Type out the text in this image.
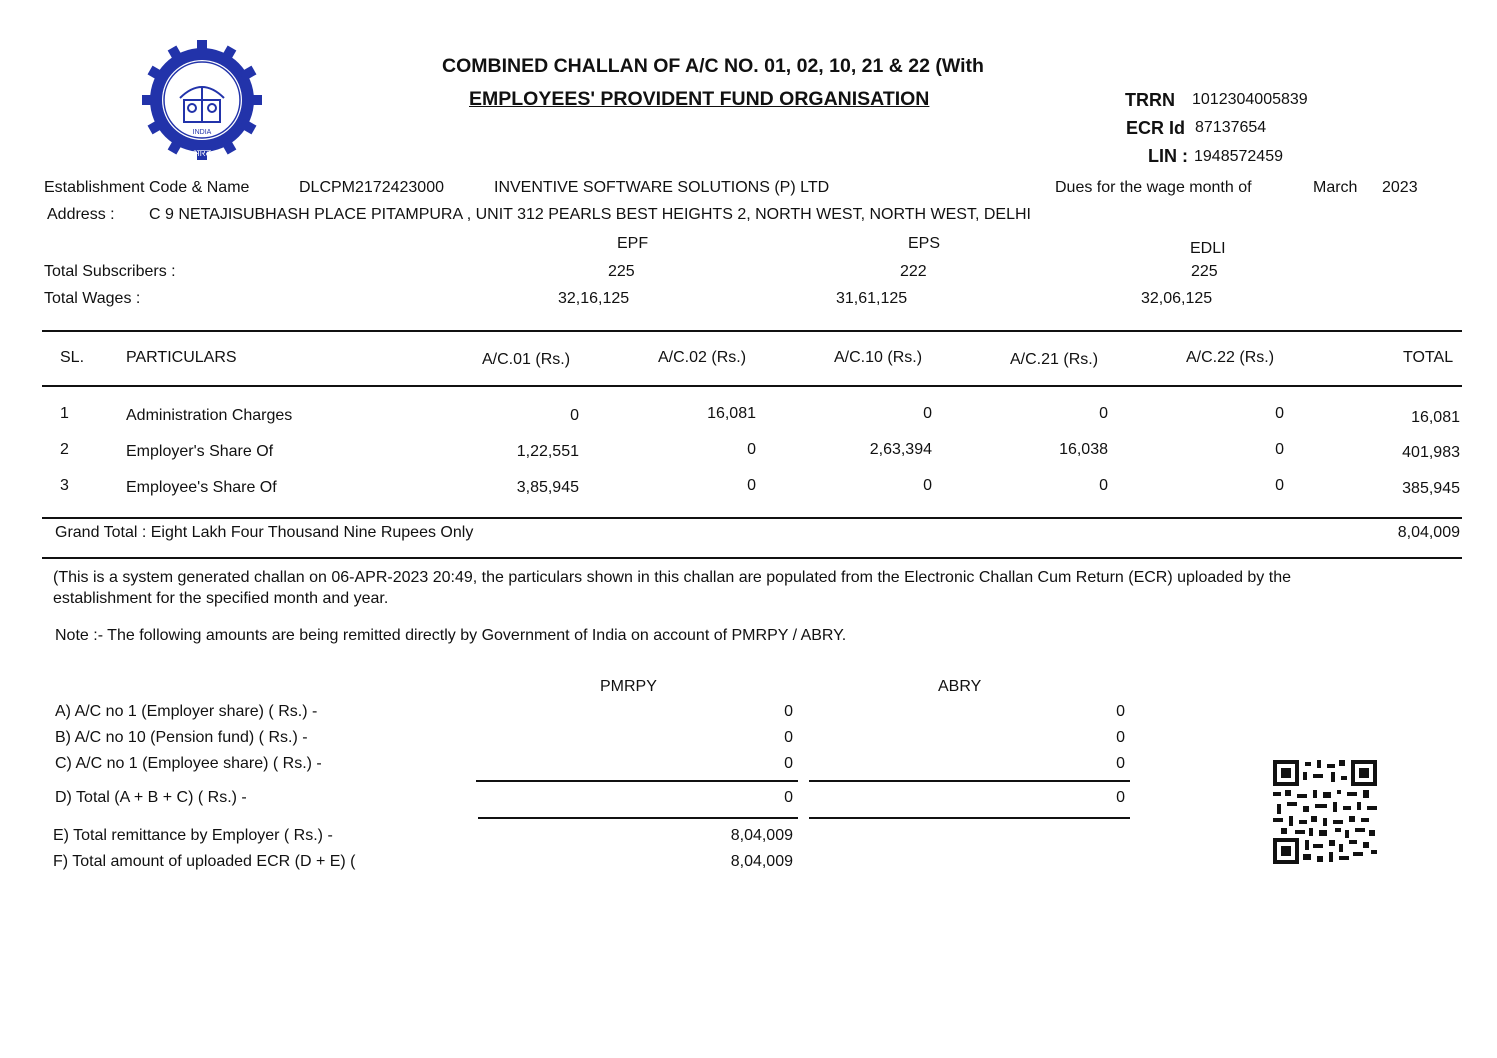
INDIA
भारत
COMBINED CHALLAN OF A/C NO. 01, 02, 10, 21 & 22 (With
EMPLOYEES' PROVIDENT FUND ORGANISATION	TRRN 1012304005839
ECR Id 87137654
LIN : 1948572459
Establishment Code & Name	DLCPM2172423000	INVENTIVE SOFTWARE SOLUTIONS (P) LTD	Dues for the wage month of	March 2023
Address : C 9 NETAJISUBHASH PLACE PITAMPURA , UNIT 312 PEARLS BEST HEIGHTS 2, NORTH WEST, NORTH WEST, DELHI
EPF	EPS	EDLI
Total Subscribers :	225	222	225
Total Wages :	32,16,125	31,61,125	32,06,125
SL.	PARTICULARS	A/C.01 (Rs.)	A/C.02 (Rs.)	A/C.10 (Rs.)	A/C.21 (Rs.)	A/C.22 (Rs.)	TOTAL
1	Administration Charges	0	16,081	0	0	0	16,081
2	Employer's Share Of	1,22,551	0	2,63,394	16,038	0	401,983
3	Employee's Share Of	3,85,945	0	0	0	0	385,945
Grand Total : Eight Lakh Four Thousand Nine Rupees Only	8,04,009
(This is a system generated challan on 06-APR-2023 20:49, the particulars shown in this challan are populated from the Electronic Challan Cum Return (ECR) uploaded by the
establishment for the specified month and year.
Note :- The following amounts are being remitted directly by Government of India on account of PMRPY / ABRY.
PMRPY	ABRY
A) A/C no 1 (Employer share) ( Rs.) -	0	0
B) A/C no 10 (Pension fund) ( Rs.) -	0	0
C) A/C no 1 (Employee share) ( Rs.) -	0	0
D) Total (A + B + C) ( Rs.) -	0	0
E) Total remittance by Employer ( Rs.) -	8,04,009
F) Total amount of uploaded ECR (D + E) (	8,04,009
